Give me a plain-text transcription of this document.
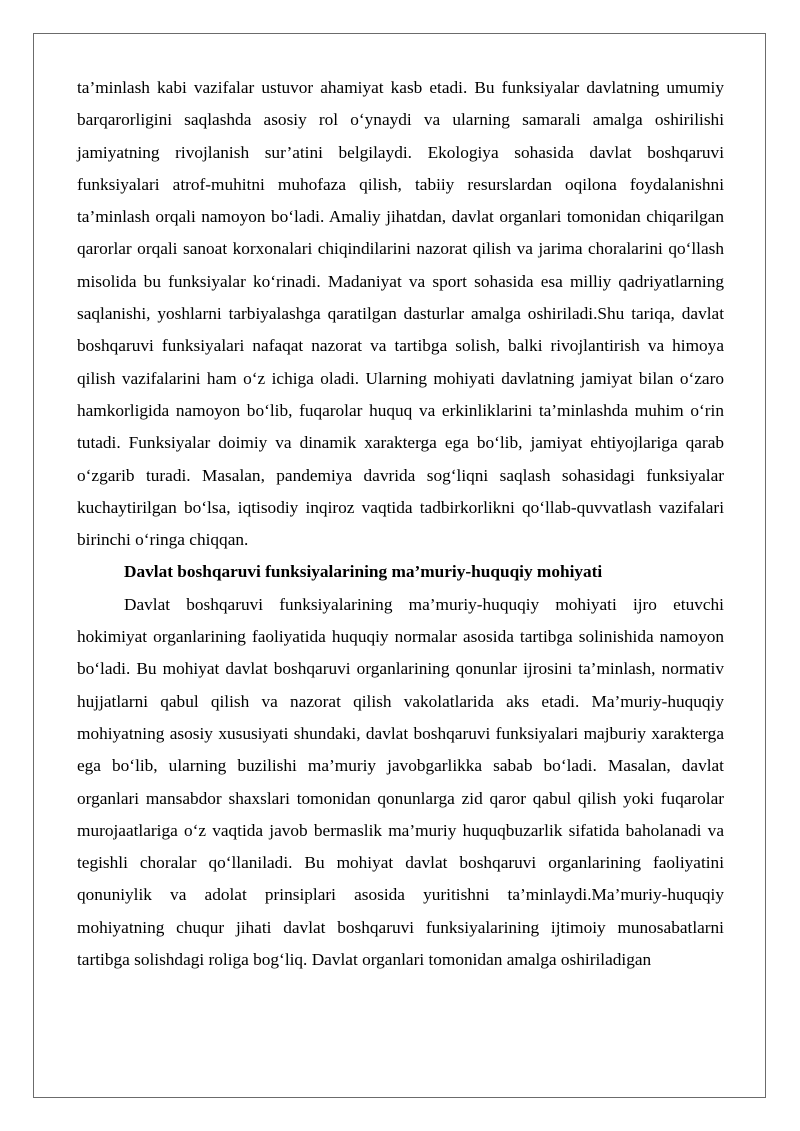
ta’minlash kabi vazifalar ustuvor ahamiyat kasb etadi. Bu funksiyalar davlatning umumiy barqarorligini saqlashda asosiy rol o‘ynaydi va ularning samarali amalga oshirilishi jamiyatning rivojlanish sur’atini belgilaydi. Ekologiya sohasida davlat boshqaruvi funksiyalari atrof-muhitni muhofaza qilish, tabiiy resurslardan oqilona foydalanishni ta’minlash orqali namoyon bo‘ladi. Amaliy jihatdan, davlat organlari tomonidan chiqarilgan qarorlar orqali sanoat korxonalari chiqindilarini nazorat qilish va jarima choralarini qo‘llash misolida bu funksiyalar ko‘rinadi. Madaniyat va sport sohasida esa milliy qadriyatlarning saqlanishi, yoshlarni tarbiyalashga qaratilgan dasturlar amalga oshiriladi.Shu tariqa, davlat boshqaruvi funksiyalari nafaqat nazorat va tartibga solish, balki rivojlantirish va himoya qilish vazifalarini ham o‘z ichiga oladi. Ularning mohiyati davlatning jamiyat bilan o‘zaro hamkorligida namoyon bo‘lib, fuqarolar huquq va erkinliklarini ta’minlashda muhim o‘rin tutadi. Funksiyalar doimiy va dinamik xarakterga ega bo‘lib, jamiyat ehtiyojlariga qarab o‘zgarib turadi. Masalan, pandemiya davrida sog‘liqni saqlash sohasidagi funksiyalar kuchaytirilgan bo‘lsa, iqtisodiy inqiroz vaqtida tadbirkorlikni qo‘llab-quvvatlash vazifalari birinchi o‘ringa chiqqan.

Davlat boshqaruvi funksiyalarining ma’muriy-huquqiy mohiyati

Davlat boshqaruvi funksiyalarining ma’muriy-huquqiy mohiyati ijro etuvchi hokimiyat organlarining faoliyatida huquqiy normalar asosida tartibga solinishida namoyon bo‘ladi. Bu mohiyat davlat boshqaruvi organlarining qonunlar ijrosini ta’minlash, normativ hujjatlarni qabul qilish va nazorat qilish vakolatlarida aks etadi. Ma’muriy-huquqiy mohiyatning asosiy xususiyati shundaki, davlat boshqaruvi funksiyalari majburiy xarakterga ega bo‘lib, ularning buzilishi ma’muriy javobgarlikka sabab bo‘ladi. Masalan, davlat organlari mansabdor shaxslari tomonidan qonunlarga zid qaror qabul qilish yoki fuqarolar murojaatlariga o‘z vaqtida javob bermaslik ma’muriy huquqbuzarlik sifatida baholanadi va tegishli choralar qo‘llaniladi. Bu mohiyat davlat boshqaruvi organlarining faoliyatini qonuniylik va adolat prinsiplari asosida yuritishni ta’minlaydi.Ma’muriy-huquqiy mohiyatning chuqur jihati davlat boshqaruvi funksiyalarining ijtimoiy munosabatlarni tartibga solishdagi roliga bog‘liq. Davlat organlari tomonidan amalga oshiriladigan
